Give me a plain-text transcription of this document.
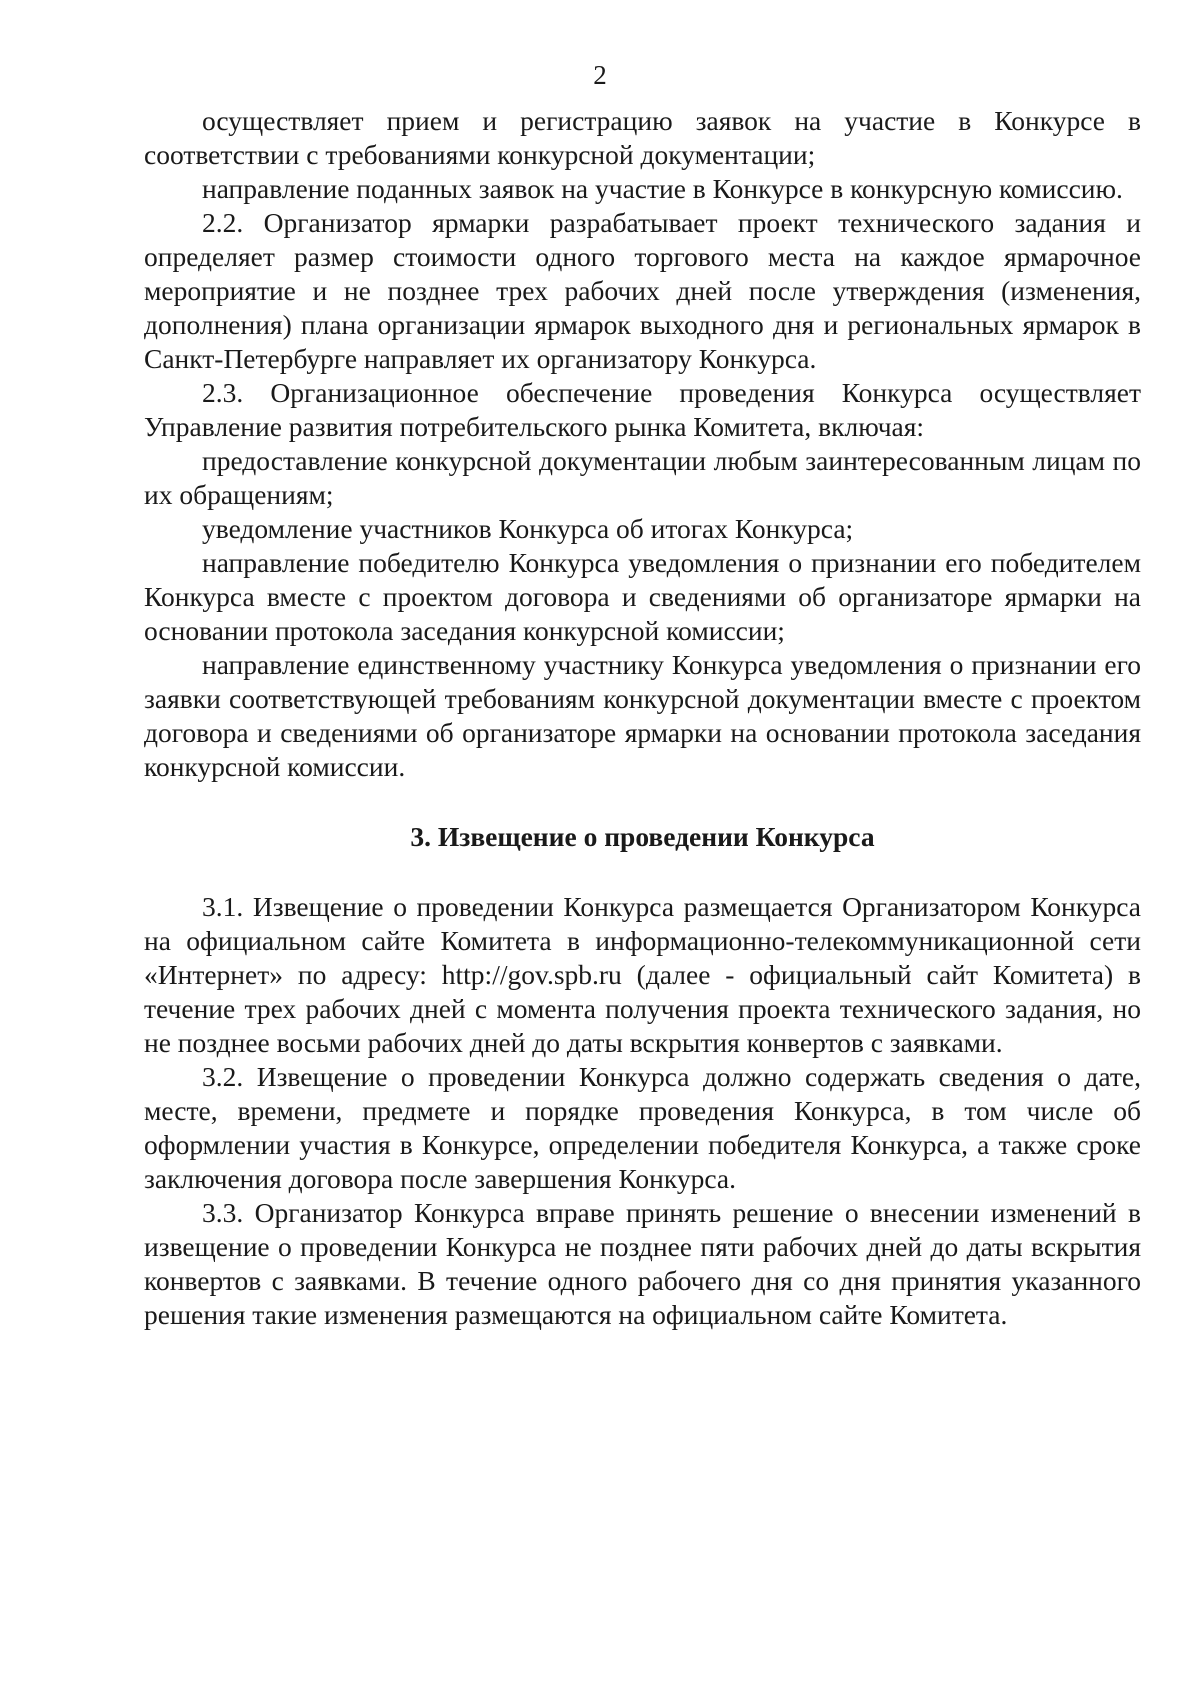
2

осуществляет прием и регистрацию заявок на участие в Конкурсе в соответствии с требованиями конкурсной документации;

направление поданных заявок на участие в Конкурсе в конкурсную комиссию.

2.2. Организатор ярмарки разрабатывает проект технического задания и определяет размер стоимости одного торгового места на каждое ярмарочное мероприятие и не позднее трех рабочих дней после утверждения (изменения, дополнения) плана организации ярмарок выходного дня и региональных ярмарок в Санкт-Петербурге направляет их организатору Конкурса.

2.3. Организационное обеспечение проведения Конкурса осуществляет Управление развития потребительского рынка Комитета, включая:

предоставление конкурсной документации любым заинтересованным лицам по их обращениям;

уведомление участников Конкурса об итогах Конкурса;

направление победителю Конкурса уведомления о признании его победителем Конкурса вместе с проектом договора и сведениями об организаторе ярмарки на основании протокола заседания конкурсной комиссии;

направление единственному участнику Конкурса уведомления о признании его заявки соответствующей требованиям конкурсной документации вместе с проектом договора и сведениями об организаторе ярмарки на основании протокола заседания конкурсной комиссии.

3. Извещение о проведении Конкурса

3.1. Извещение о проведении Конкурса размещается Организатором Конкурса на официальном сайте Комитета в информационно-телекоммуникационной сети «Интернет» по адресу: http://gov.spb.ru (далее - официальный сайт Комитета) в течение трех рабочих дней с момента получения проекта технического задания, но не позднее восьми рабочих дней до даты вскрытия конвертов с заявками.

3.2. Извещение о проведении Конкурса должно содержать сведения о дате, месте, времени, предмете и порядке проведения Конкурса, в том числе об оформлении участия в Конкурсе, определении победителя Конкурса, а также сроке заключения договора после завершения Конкурса.

3.3. Организатор Конкурса вправе принять решение о внесении изменений в извещение о проведении Конкурса не позднее пяти рабочих дней до даты вскрытия конвертов с заявками. В течение одного рабочего дня со дня принятия указанного решения такие изменения размещаются на официальном сайте Комитета.
